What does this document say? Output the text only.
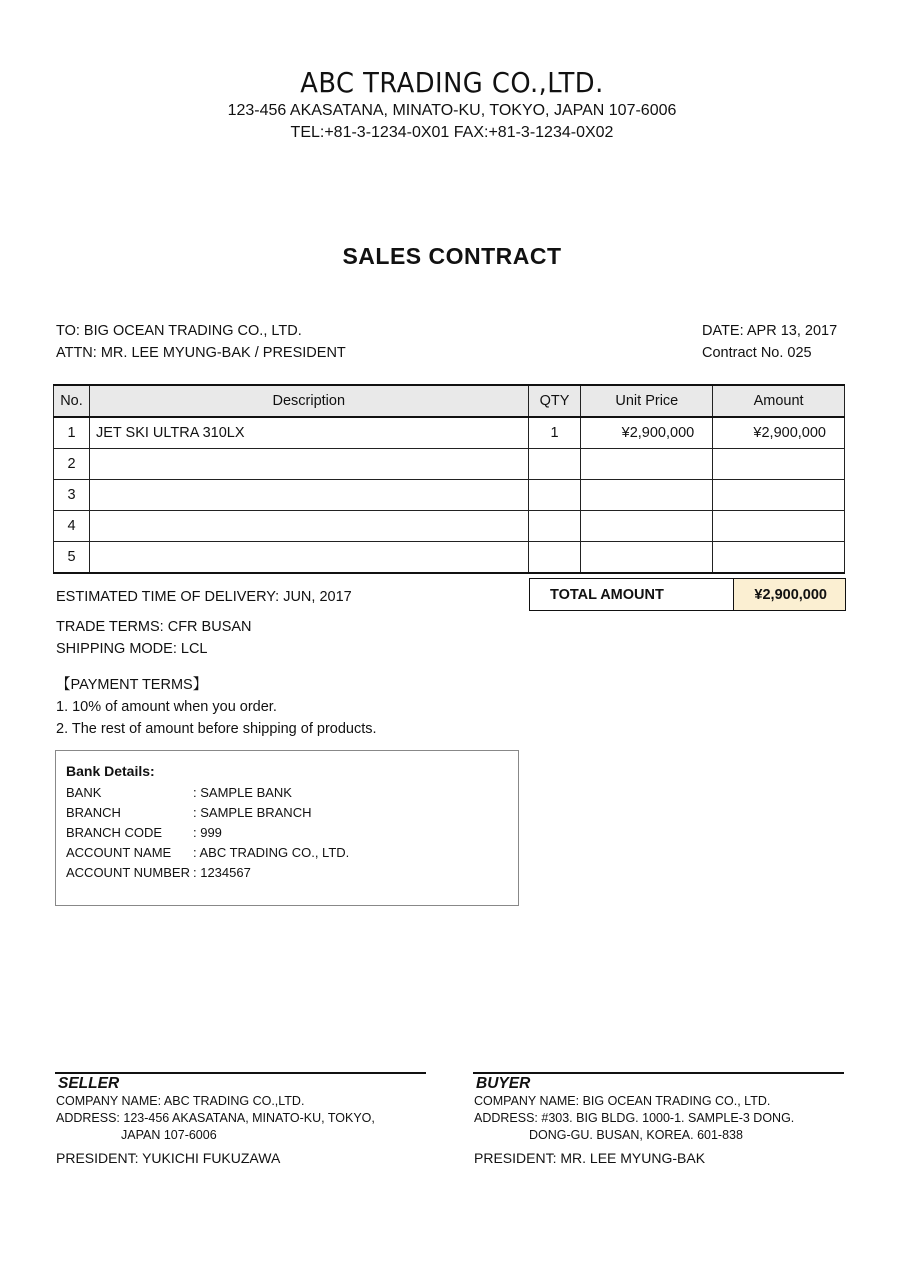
ABC TRADING CO.,LTD.
123-456 AKASATANA, MINATO-KU, TOKYO, JAPAN 107-6006
TEL:+81-3-1234-0X01 FAX:+81-3-1234-0X02
SALES CONTRACT
TO: BIG OCEAN TRADING CO., LTD.
ATTN: MR. LEE MYUNG-BAK / PRESIDENT
DATE: APR 13, 2017
Contract No. 025
No.	Description	QTY	Unit Price	Amount
1	JET SKI ULTRA 310LX	1	¥2,900,000	¥2,900,000
2				
3				
4				
5				
ESTIMATED TIME OF DELIVERY: JUN, 2017	TOTAL AMOUNT	¥2,900,000
TRADE TERMS: CFR BUSAN
SHIPPING MODE: LCL
【PAYMENT TERMS】
1. 10% of amount when you order.
2. The rest of amount before shipping of products.
Bank Details:
BANK	: SAMPLE BANK
BRANCH	: SAMPLE BRANCH
BRANCH CODE : 999
ACCOUNT NAME : ABC TRADING CO., LTD.
ACCOUNT NUMBER : 1234567
SELLER
COMPANY NAME: ABC TRADING CO.,LTD.
ADDRESS: 123-456 AKASATANA, MINATO-KU, TOKYO,
JAPAN 107-6006
PRESIDENT: YUKICHI FUKUZAWA
BUYER
COMPANY NAME: BIG OCEAN TRADING CO., LTD.
ADDRESS: #303. BIG BLDG. 1000-1. SAMPLE-3 DONG.
DONG-GU. BUSAN, KOREA. 601-838
PRESIDENT: MR. LEE MYUNG-BAK
